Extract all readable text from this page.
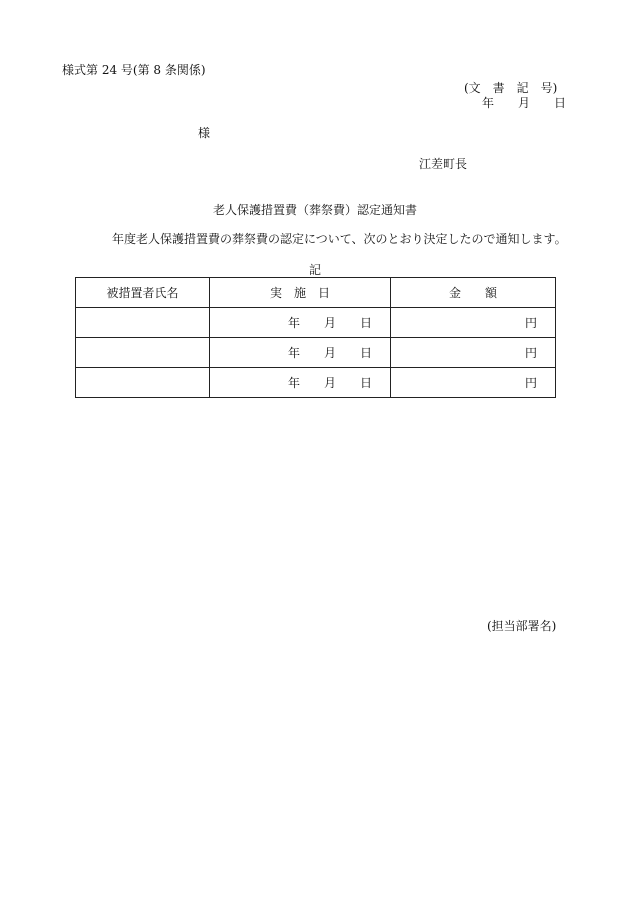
様式第 24 号(第 8 条関係)
(文　書　記　号)
年　　月　　日
様
江差町長
老人保護措置費（葬祭費）認定通知書
年度老人保護措置費の葬祭費の認定について、次のとおり決定したので通知します。
記
被措置者氏名	実　施　日	金　　額
	年　　月　　日	円
	年　　月　　日	円
	年　　月　　日	円
(担当部署名)
